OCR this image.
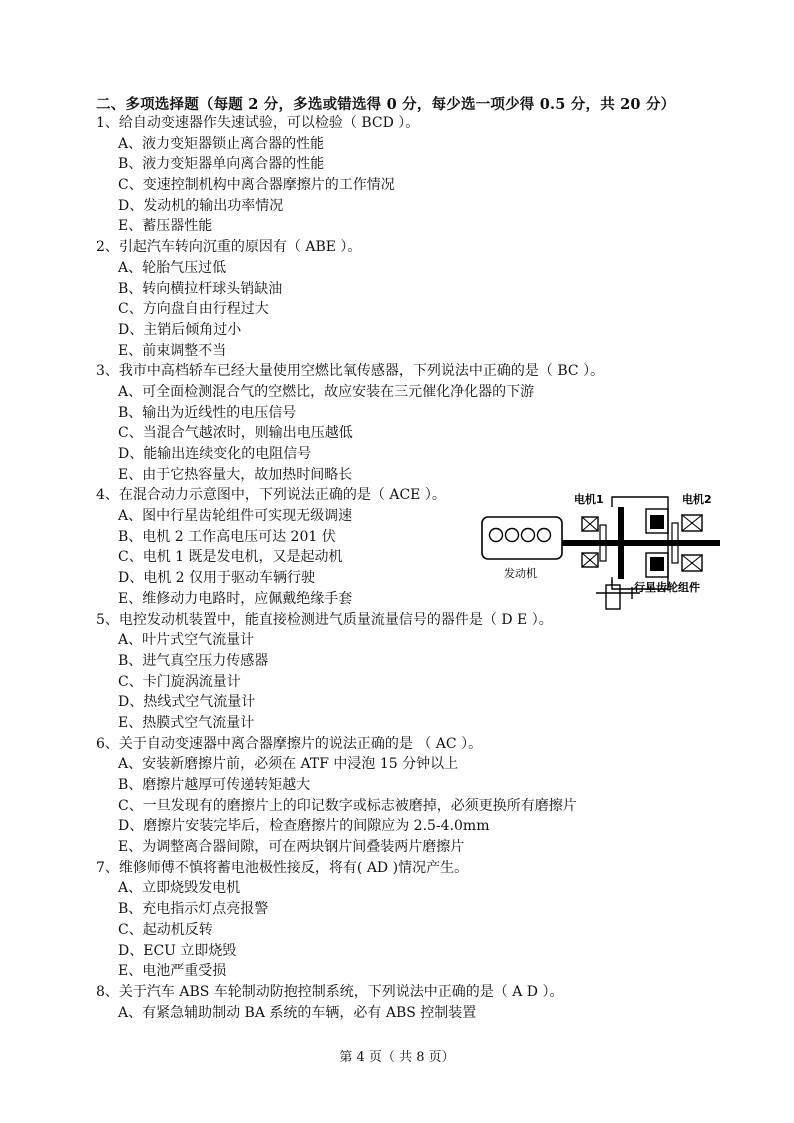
二、多项选择题（每题 2 分，多选或错选得 0 分，每少选一项少得 0.5 分，共 20 分）
1、给自动变速器作失速试验，可以检验（ BCD ）。
A、液力变矩器锁止离合器的性能
B、液力变矩器单向离合器的性能
C、变速控制机构中离合器摩擦片的工作情况
D、发动机的输出功率情况
E、蓄压器性能
2、引起汽车转向沉重的原因有（ ABE ）。
A、轮胎气压过低
B、转向横拉杆球头销缺油
C、方向盘自由行程过大
D、主销后倾角过小
E、前束调整不当
3、我市中高档轿车已经大量使用空燃比氧传感器，下列说法中正确的是（ BC ）。
A、可全面检测混合气的空燃比，故应安装在三元催化净化器的下游
B、输出为近线性的电压信号
C、当混合气越浓时，则输出电压越低
D、能输出连续变化的电阻信号
E、由于它热容量大，故加热时间略长
4、在混合动力示意图中，下列说法正确的是（ ACE ）。
A、图中行星齿轮组件可实现无级调速
B、电机 2 工作高电压可达 201 伏
C、电机 1 既是发电机，又是起动机
D、电机 2 仅用于驱动车辆行驶
E、维修动力电路时，应佩戴绝缘手套
5、电控发动机装置中，能直接检测进气质量流量信号的器件是（ D E ）。
A、叶片式空气流量计
B、进气真空压力传感器
C、卡门旋涡流量计
D、热线式空气流量计
E、热膜式空气流量计
6、关于自动变速器中离合器摩擦片的说法正确的是 （ AC ）。
A、安装新磨擦片前，必须在 ATF 中浸泡 15 分钟以上
B、磨擦片越厚可传递转矩越大
C、一旦发现有的磨擦片上的印记数字或标志被磨掉，必须更换所有磨擦片
D、磨擦片安装完毕后，检查磨擦片的间隙应为 2.5-4.0mm
E、为调整离合器间隙，可在两块钢片间叠装两片磨擦片
7、维修师傅不慎将蓄电池极性接反，将有( AD )情况产生。
A、立即烧毁发电机
B、充电指示灯点亮报警
C、起动机反转
D、ECU 立即烧毁
E、电池严重受损
8、关于汽车 ABS 车轮制动防抱控制系统，下列说法中正确的是（ A D ）。
A、有紧急辅助制动 BA 系统的车辆，必有 ABS 控制装置
电机1	电机2
发动机
行星齿轮组件
第 4 页（ 共 8 页）
